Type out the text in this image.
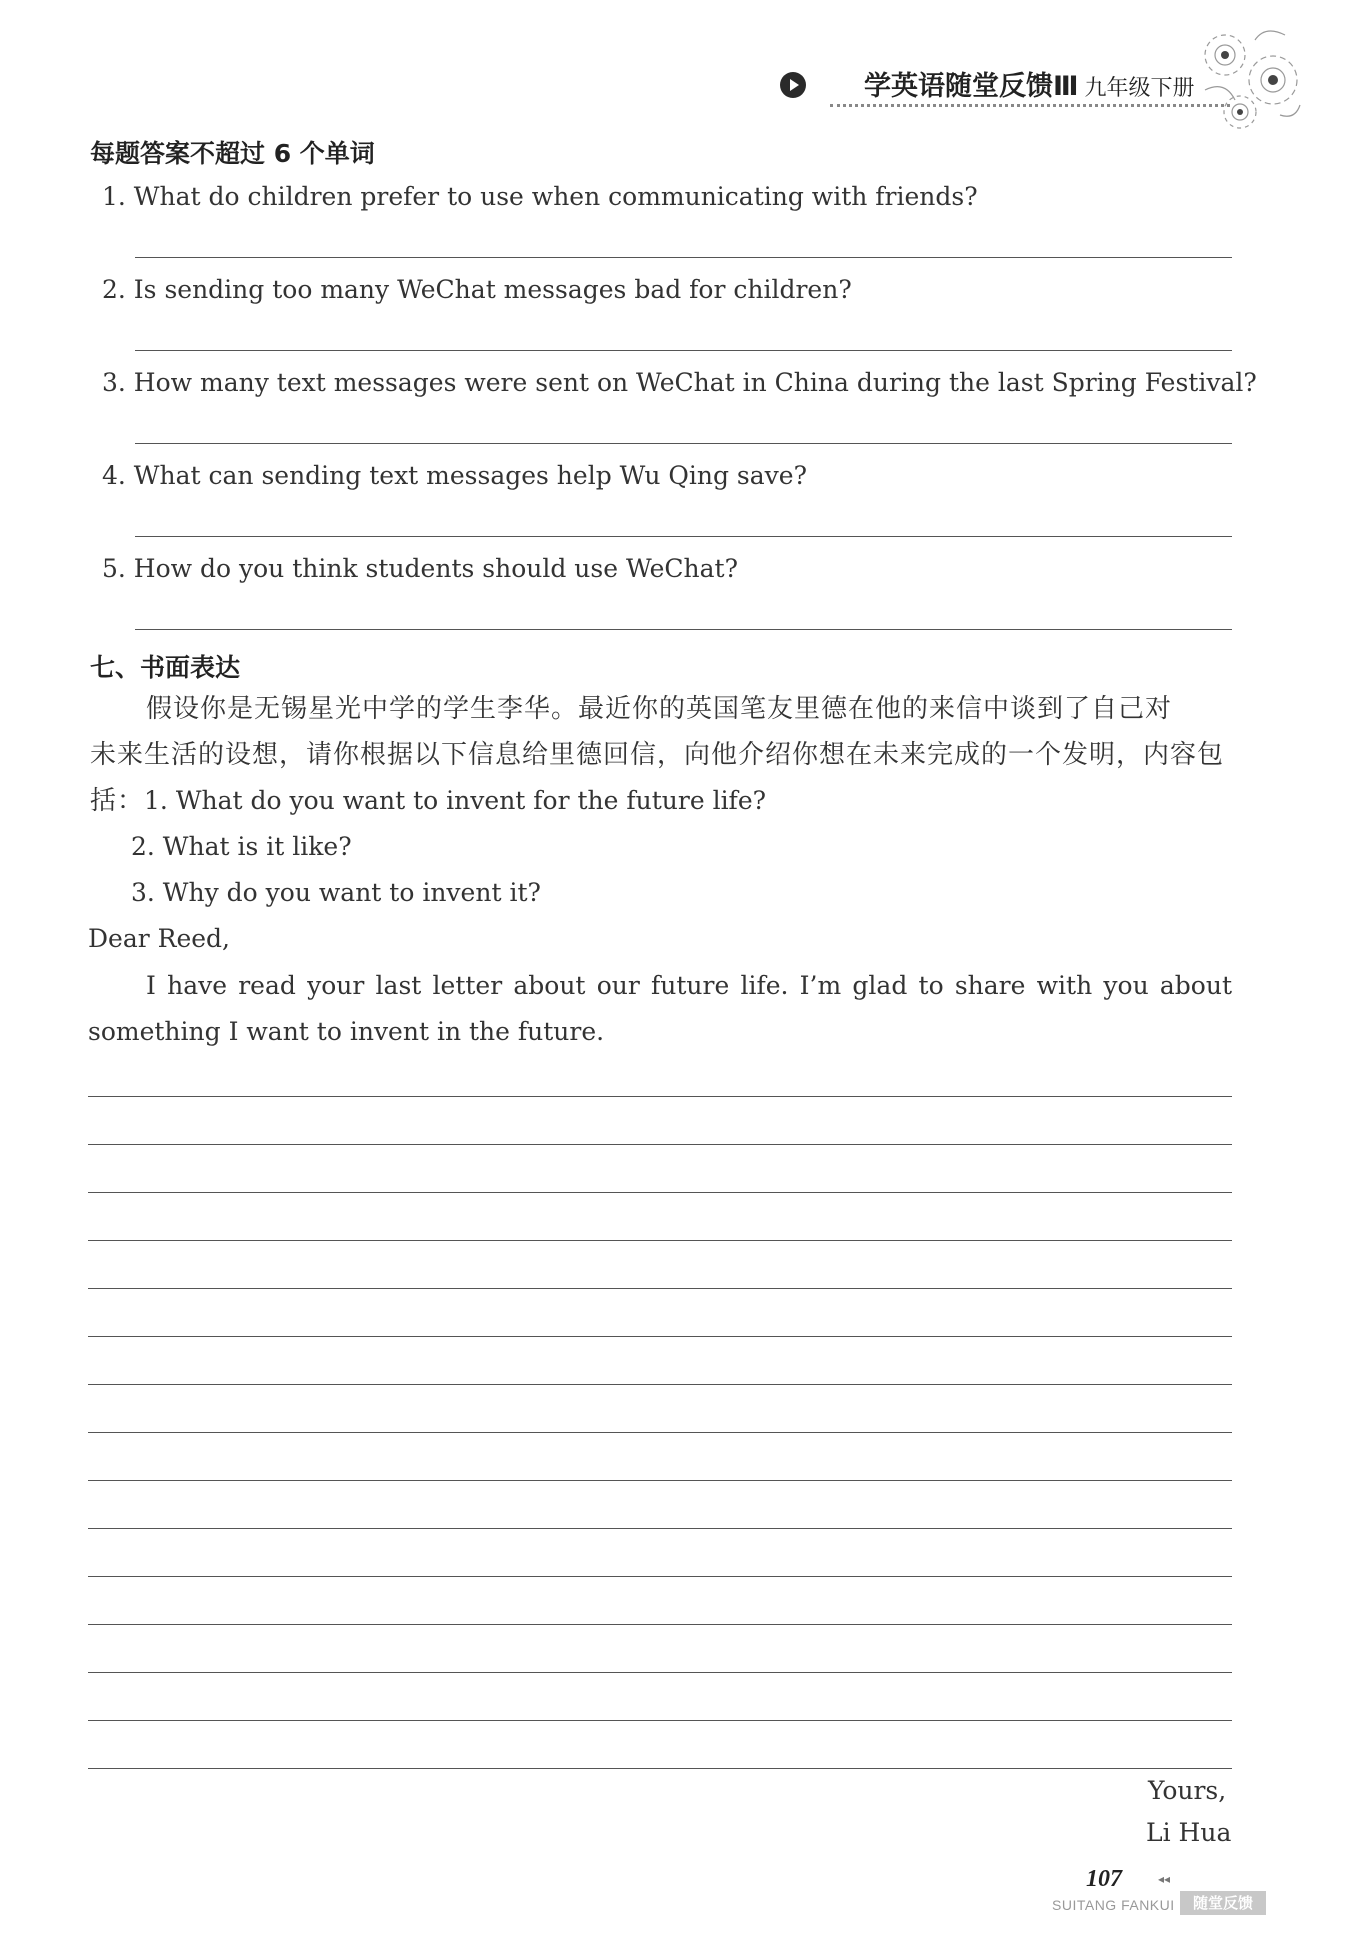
学英语随堂反馈Ⅲ 九年级下册
每题答案不超过 6 个单词
1. What do children prefer to use when communicating with friends?
2. Is sending too many WeChat messages bad for children?
3. How many text messages were sent on WeChat in China during the last Spring Festival?
4. What can sending text messages help Wu Qing save?
5. How do you think students should use WeChat?
七、书面表达
假设你是无锡星光中学的学生李华。最近你的英国笔友里德在他的来信中谈到了自己对
未来生活的设想，请你根据以下信息给里德回信，向他介绍你想在未来完成的一个发明，内容包
括：1. What do you want to invent for the future life?
2. What is it like?
3. Why do you want to invent it?
Dear Reed,
I have read your last letter about our future life. I’m glad to share with you about
something I want to invent in the future.
Yours,
Li Hua
107	◂◂
SUITANG FANKUI	随堂反馈
